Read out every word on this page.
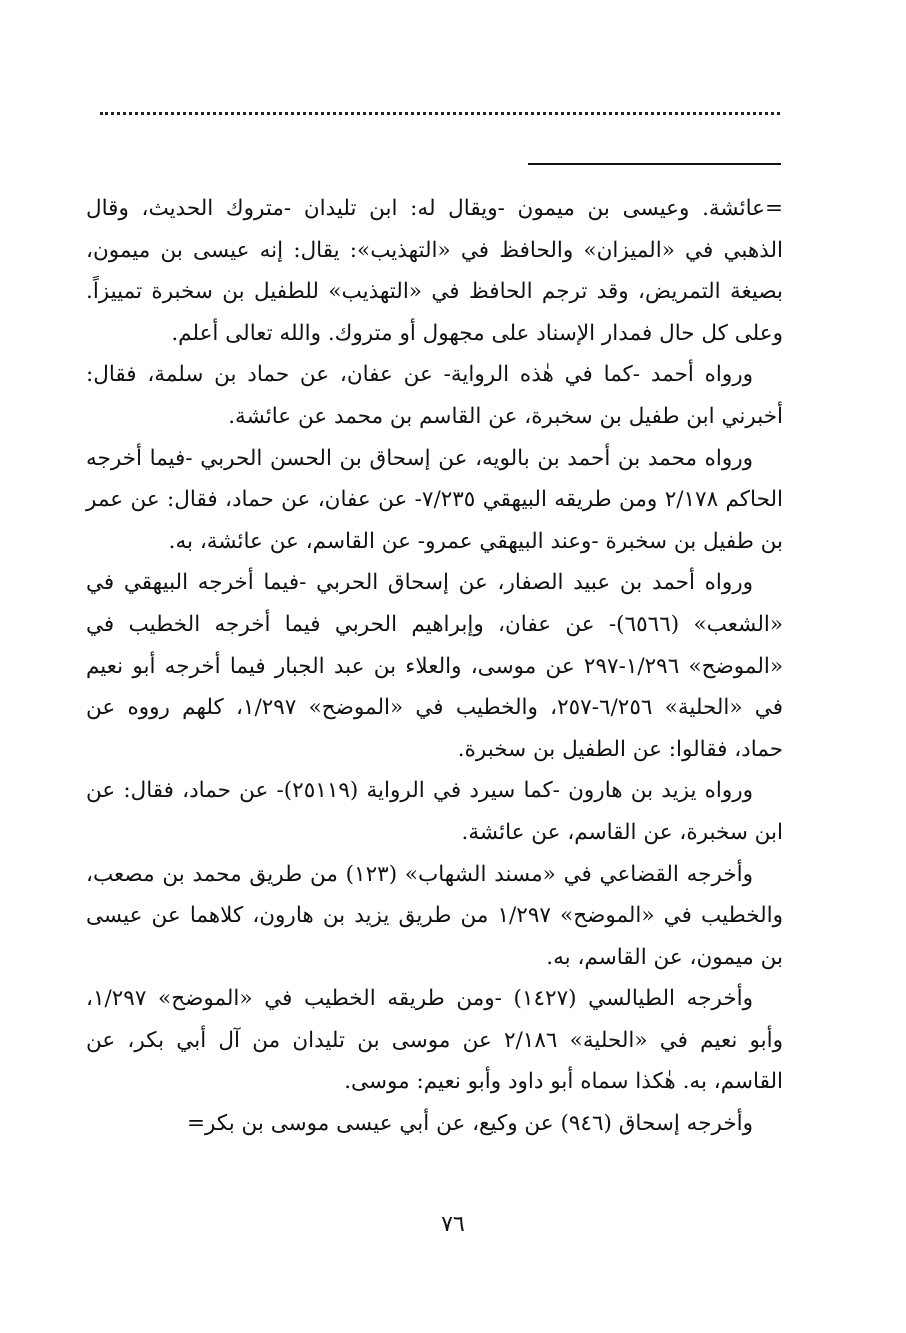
=عائشة. وعيسى بن ميمون -ويقال له: ابن تليدان -متروك الحديث، وقال الذهبي في «الميزان» والحافظ في «التهذيب»: يقال: إنه عيسى بن ميمون، بصيغة التمريض، وقد ترجم الحافظ في «التهذيب» للطفيل بن سخبرة تمييزاً. وعلى كل حال فمدار الإسناد على مجهول أو متروك. والله تعالى أعلم.

ورواه أحمد -كما في هٰذه الرواية- عن عفان، عن حماد بن سلمة، فقال: أخبرني ابن طفيل بن سخبرة، عن القاسم بن محمد عن عائشة.

ورواه محمد بن أحمد بن بالويه، عن إسحاق بن الحسن الحربي -فيما أخرجه الحاكم ٢/١٧٨ ومن طريقه البيهقي ٧/٢٣٥- عن عفان، عن حماد، فقال: عن عمر بن طفيل بن سخبرة -وعند البيهقي عمرو- عن القاسم، عن عائشة، به.

ورواه أحمد بن عبيد الصفار، عن إسحاق الحربي -فيما أخرجه البيهقي في «الشعب» (٦٥٦٦)- عن عفان، وإبراهيم الحربي فيما أخرجه الخطيب في «الموضح» ١/٢٩٦-٢٩٧ عن موسى، والعلاء بن عبد الجبار فيما أخرجه أبو نعيم في «الحلية» ٦/٢٥٦-٢٥٧، والخطيب في «الموضح» ١/٢٩٧، كلهم رووه عن حماد، فقالوا: عن الطفيل بن سخبرة.

ورواه يزيد بن هارون -كما سيرد في الرواية (٢٥١١٩)- عن حماد، فقال: عن ابن سخبرة، عن القاسم، عن عائشة.

وأخرجه القضاعي في «مسند الشهاب» (١٢٣) من طريق محمد بن مصعب، والخطيب في «الموضح» ١/٢٩٧ من طريق يزيد بن هارون، كلاهما عن عيسى بن ميمون، عن القاسم، به.

وأخرجه الطيالسي (١٤٢٧) -ومن طريقه الخطيب في «الموضح» ١/٢٩٧، وأبو نعيم في «الحلية» ٢/١٨٦ عن موسى بن تليدان من آل أبي بكر، عن القاسم، به. هٰكذا سماه أبو داود وأبو نعيم: موسى.

وأخرجه إسحاق (٩٤٦) عن وكيع، عن أبي عيسى موسى بن بكر=

٧٦
